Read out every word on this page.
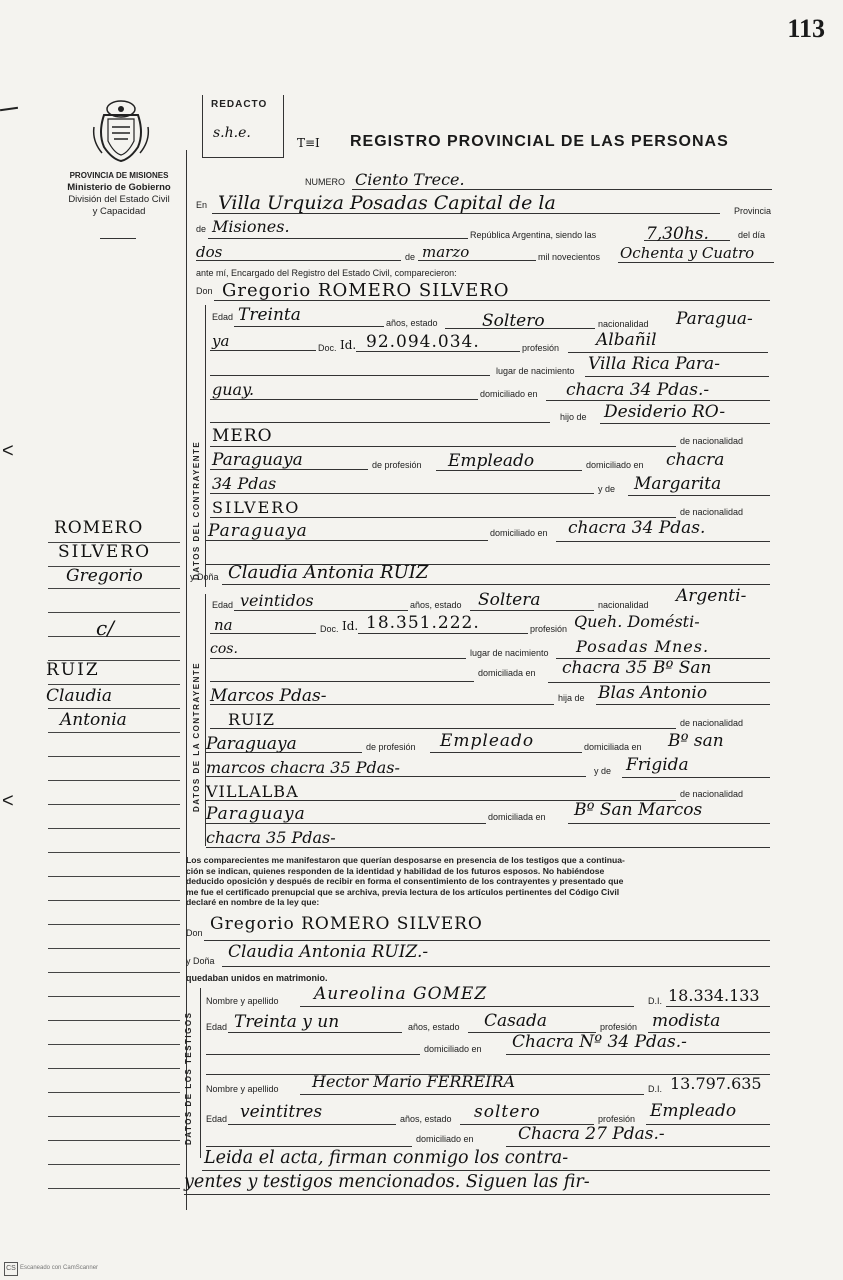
113
<
<
PROVINCIA DE MISIONES
Ministerio de Gobierno
División del Estado Civil
y Capacidad
REDACTO
s.h.e.
T≡I REGISTRO PROVINCIAL DE LAS PERSONAS
ROMERO
SILVERO
Gregorio
c/
RUIZ
Claudia
Antonia
NUMERO Ciento Trece.
En Villa Urquiza Posadas Capital de la	Provincia
de Misiones.	República Argentina, siendo las	7,30hs.	del día
dos	de marzo	mil novecientos Ochenta y Cuatro
ante mí, Encargado del Registro del Estado Civil, comparecieron:
Don Gregorio ROMERO SILVERO
DATOS DEL CONTRAYENTE
Edad Treinta	años, estado	Soltero	nacionalidad Paragua-
ya	Doc. Id. 92.094.034.	profesión Albañil
lugar de nacimiento Villa Rica Para-
guay.	domiciliado en chacra 34 Pdas.-
hijo de Desiderio RO-
MERO	de nacionalidad
Paraguaya	de profesión Empleado	domiciliado en chacra
34 Pdas	y de Margarita
SILVERO	de nacionalidad
Paraguaya	domiciliado en chacra 34 Pdas.
y Doña Claudia Antonia RUIZ
DATOS DE LA CONTRAYENTE
Edad veintidos	años, estado Soltera	nacionalidad Argenti-
na	Doc. Id. 18.351.222.	profesión Queh. Domésti-
cos.	lugar de nacimiento Posadas Mnes.
domiciliada en chacra 35 Bº San
Marcos Pdas-	hija de Blas Antonio
RUIZ	de nacionalidad
Paraguaya	de profesión Empleado	domiciliada en Bº san
marcos chacra 35 Pdas-	y de Frigida
VILLALBA	de nacionalidad
Paraguaya	domiciliada en Bº San Marcos
chacra 35 Pdas-
Los comparecientes me manifestaron que querían desposarse en presencia de los testigos que a continua-
ción se indican, quienes responden de la identidad y habilidad de los futuros esposos. No habiéndose
deducido oposición y después de recibir en forma el consentimiento de los contrayentes y presentado que
me fue el certificado prenupcial que se archiva, previa lectura de los artículos pertinentes del Código Civil
declaré en nombre de la ley que:
Don Gregorio ROMERO SILVERO
y Doña Claudia Antonia RUIZ.-
quedaban unidos en matrimonio.
DATOS DE LOS TESTIGOS
Nombre y apellido Aureolina GOMEZ	D.I. 18.334.133
Edad Treinta y un	años, estado Casada	profesión modista
domiciliado en Chacra Nº 34 Pdas.-
Nombre y apellido Hector Mario FERREIRA	D.I. 13.797.635
Edad veintitres	años, estado soltero	profesión Empleado
domiciliado en	Chacra 27 Pdas.-
Leida el acta, firman conmigo los contra-
yentes y testigos mencionados. Siguen las fir-
CS Escaneado con CamScanner
